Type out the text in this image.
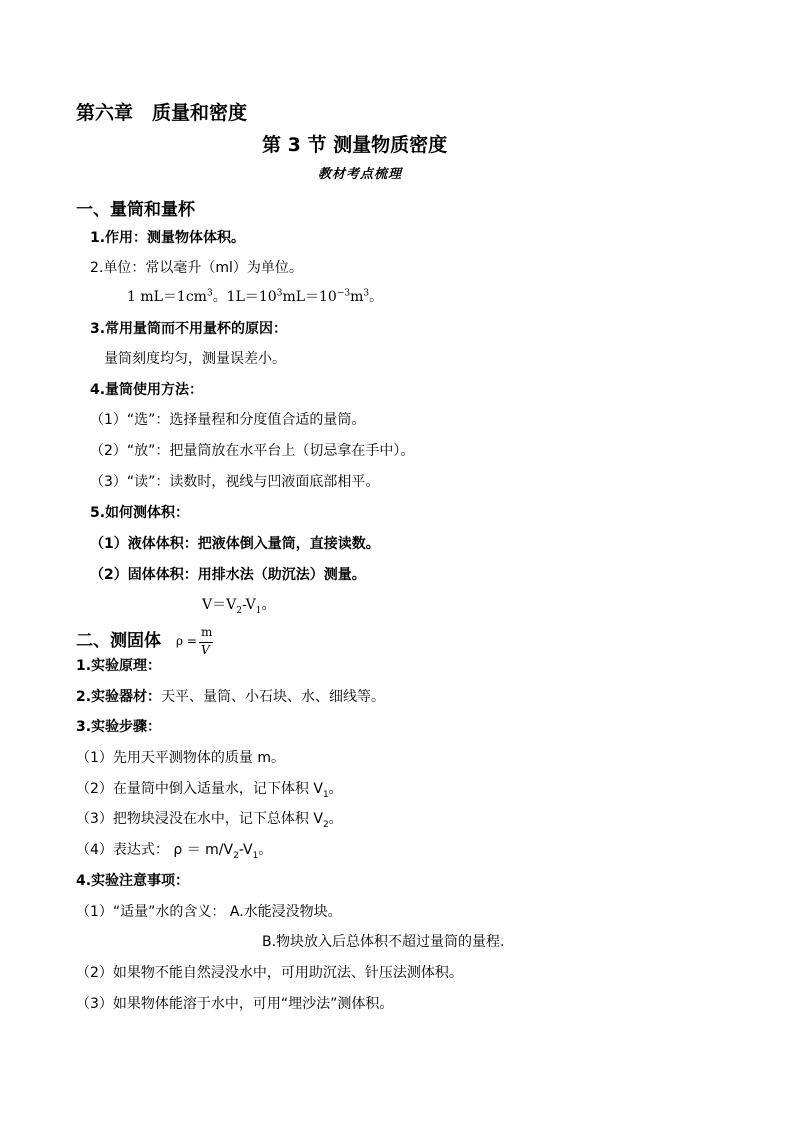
第六章　质量和密度
第 3 节 测量物质密度
教材考点梳理
一、量筒和量杯
1.作用：测量物体体积。
2.单位：常以毫升（ml）为单位。
1 $mL=1cm^3$。$1L=10^3mL=10^{-3}m^3$。
3.常用量筒而不用量杯的原因：
量筒刻度均匀，测量误差小。
4.量筒使用方法：
（1）“选”：选择量程和分度值合适的量筒。
（2）“放”：把量筒放在水平台上（切忌拿在手中）。
（3）“读”：读数时，视线与凹液面底部相平。
5.如何测体积：
（1）液体体积：把液体倒入量筒，直接读数。
（2）固体体积：用排水法（助沉法）测量。
$V=V_2-V_1$。
二、测固体 ρ =
m
V
1.实验原理：
2.实验器材：天平、量筒、小石块、水、细线等。
3.实验步骤：
（1）先用天平测物体的质量 m。
（2）在量筒中倒入适量水，记下体积 $V_1$。
（3）把物块浸没在水中，记下总体积 $V_2$。
（4）表达式： $\rho = m/V_2-V_1$。
4.实验注意事项：
（1）“适量”水的含义： A.水能浸没物块。
B.物块放入后总体积不超过量筒的量程.
（2）如果物不能自然浸没水中，可用助沉法、针压法测体积。
（3）如果物体能溶于水中，可用“埋沙法”测体积。
